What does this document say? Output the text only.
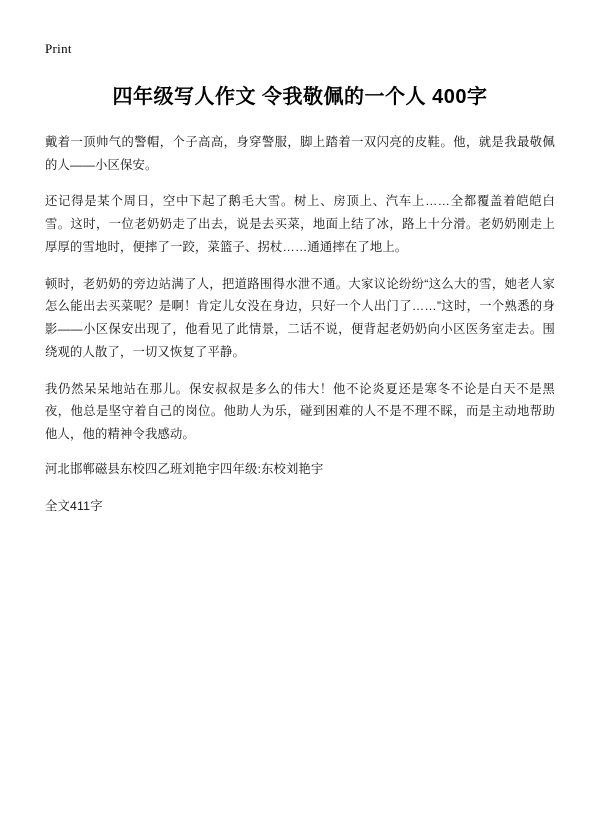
Print
四年级写人作文 令我敬佩的一个人 400字

戴着一顶帅气的警帽，个子高高，身穿警服，脚上踏着一双闪亮的皮鞋。他，就是我最敬佩的人——小区保安。

还记得是某个周日，空中下起了鹅毛大雪。树上、房顶上、汽车上……全都覆盖着皑皑白雪。这时，一位老奶奶走了出去，说是去买菜，地面上结了冰，路上十分滑。老奶奶刚走上厚厚的雪地时，便摔了一跤，菜篮子、拐杖……通通摔在了地上。

顿时，老奶奶的旁边站满了人，把道路围得水泄不通。大家议论纷纷“这么大的雪，她老人家怎么能出去买菜呢？是啊！肯定儿女没在身边，只好一个人出门了……”这时，一个熟悉的身影——小区保安出现了，他看见了此情景，二话不说，便背起老奶奶向小区医务室走去。围绕观的人散了，一切又恢复了平静。

我仍然呆呆地站在那儿。保安叔叔是多么的伟大！他不论炎夏还是寒冬不论是白天不是黑夜，他总是坚守着自己的岗位。他助人为乐，碰到困难的人不是不理不睬，而是主动地帮助他人，他的精神令我感动。

河北邯郸磁县东校四乙班刘艳宇四年级:东校刘艳宇

全文411字
